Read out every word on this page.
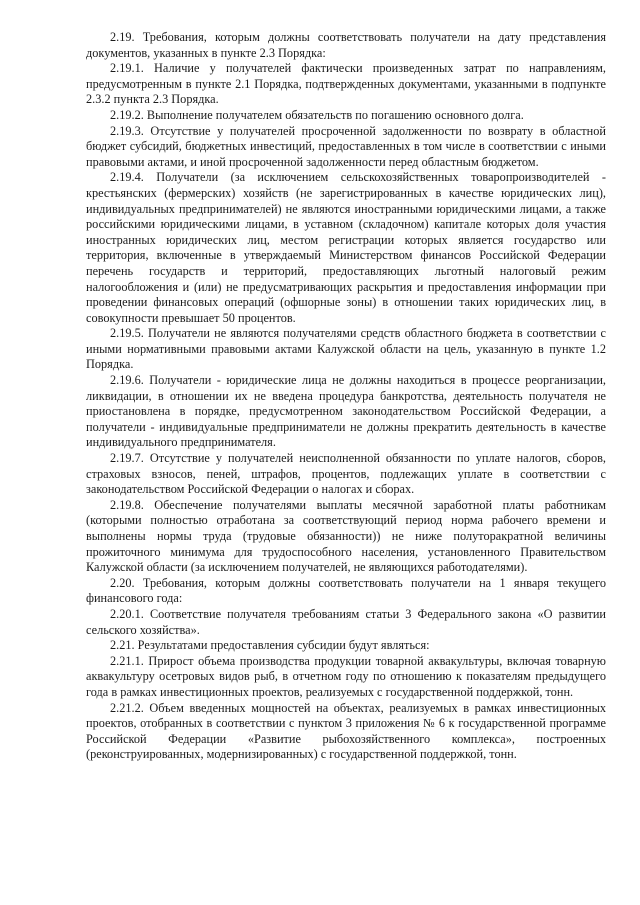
2.19. Требования, которым должны соответствовать получатели на дату представления документов, указанных в пункте 2.3 Порядка:

2.19.1. Наличие у получателей фактически произведенных затрат по направлениям, предусмотренным в пункте 2.1 Порядка, подтвержденных документами, указанными в подпункте 2.3.2 пункта 2.3 Порядка.

2.19.2. Выполнение получателем обязательств по погашению основного долга.

2.19.3. Отсутствие у получателей просроченной задолженности по возврату в областной бюджет субсидий, бюджетных инвестиций, предоставленных в том числе в соответствии с иными правовыми актами, и иной просроченной задолженности перед областным бюджетом.

2.19.4. Получатели (за исключением сельскохозяйственных товаропроизводителей - крестьянских (фермерских) хозяйств (не зарегистрированных в качестве юридических лиц), индивидуальных предпринимателей) не являются иностранными юридическими лицами, а также российскими юридическими лицами, в уставном (складочном) капитале которых доля участия иностранных юридических лиц, местом регистрации которых является государство или территория, включенные в утверждаемый Министерством финансов Российской Федерации перечень государств и территорий, предоставляющих льготный налоговый режим налогообложения и (или) не предусматривающих раскрытия и предоставления информации при проведении финансовых операций (офшорные зоны) в отношении таких юридических лиц, в совокупности превышает 50 процентов.

2.19.5. Получатели не являются получателями средств областного бюджета в соответствии с иными нормативными правовыми актами Калужской области на цель, указанную в пункте 1.2 Порядка.

2.19.6. Получатели - юридические лица не должны находиться в процессе реорганизации, ликвидации, в отношении их не введена процедура банкротства, деятельность получателя не приостановлена в порядке, предусмотренном законодательством Российской Федерации, а получатели - индивидуальные предприниматели не должны прекратить деятельность в качестве индивидуального предпринимателя.

2.19.7. Отсутствие у получателей неисполненной обязанности по уплате налогов, сборов, страховых взносов, пеней, штрафов, процентов, подлежащих уплате в соответствии с законодательством Российской Федерации о налогах и сборах.

2.19.8. Обеспечение получателями выплаты месячной заработной платы работникам (которыми полностью отработана за соответствующий период норма рабочего времени и выполнены нормы труда (трудовые обязанности)) не ниже полуторакратной величины прожиточного минимума для трудоспособного населения, установленного Правительством Калужской области (за исключением получателей, не являющихся работодателями).

2.20. Требования, которым должны соответствовать получатели на 1 января текущего финансового года:

2.20.1. Соответствие получателя требованиям статьи 3 Федерального закона «О развитии сельского хозяйства».

2.21. Результатами предоставления субсидии будут являться:

2.21.1. Прирост объема производства продукции товарной аквакультуры, включая товарную аквакультуру осетровых видов рыб, в отчетном году по отношению к показателям предыдущего года в рамках инвестиционных проектов, реализуемых с государственной поддержкой, тонн.

2.21.2. Объем введенных мощностей на объектах, реализуемых в рамках инвестиционных проектов, отобранных в соответствии с пунктом 3 приложения № 6 к государственной программе Российской Федерации «Развитие рыбохозяйственного комплекса», построенных (реконструированных, модернизированных) с государственной поддержкой, тонн.
